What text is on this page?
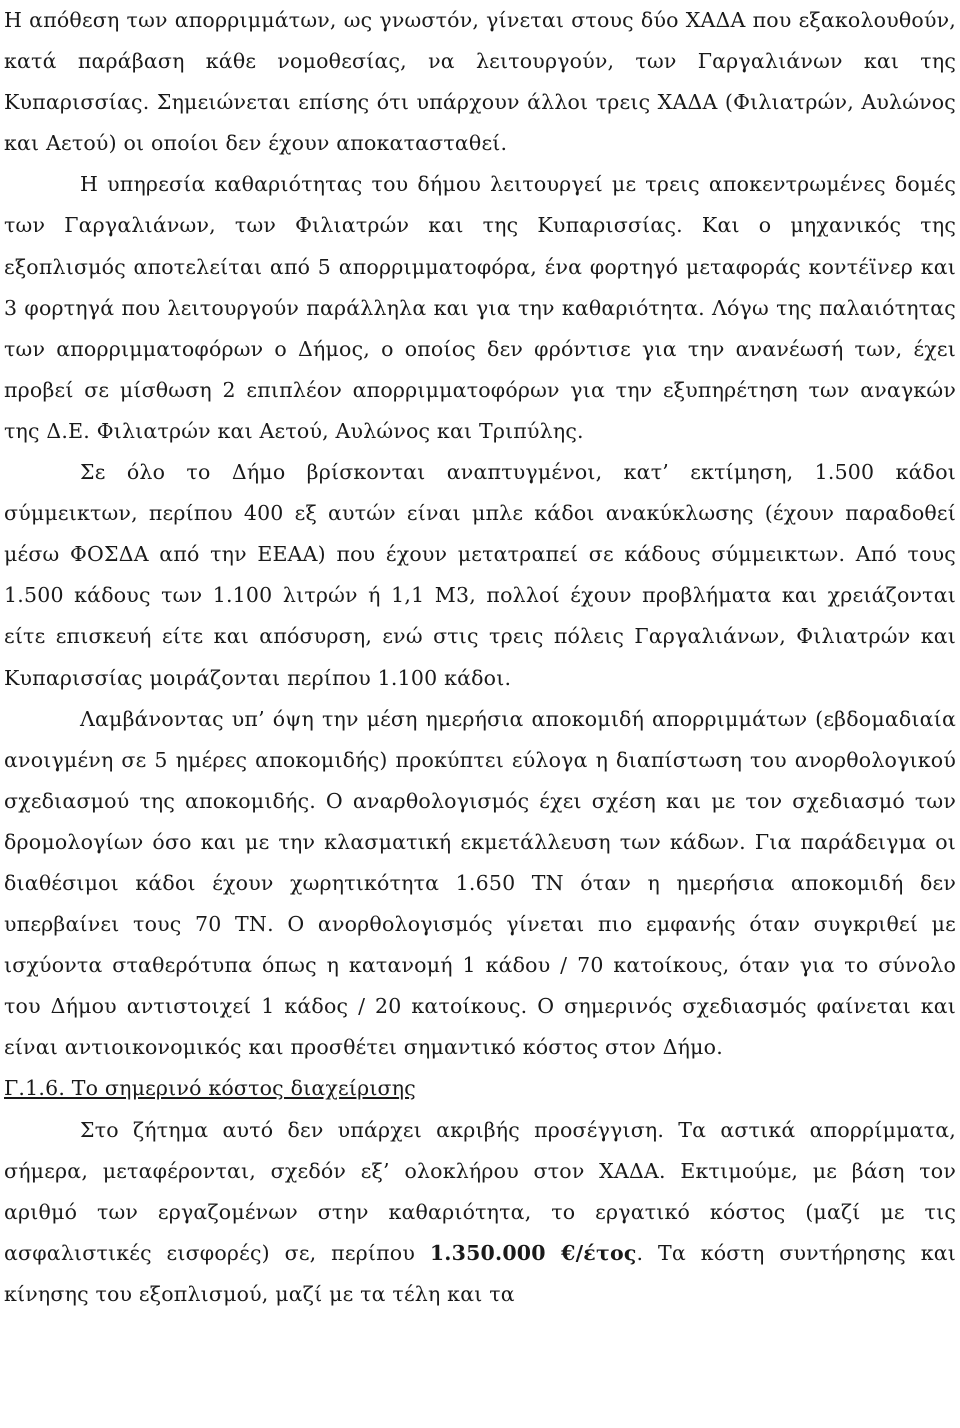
Η απόθεση των απορριμμάτων, ως γνωστόν, γίνεται στους δύο ΧΑΔΑ που εξακολουθούν, κατά παράβαση κάθε νομοθεσίας, να λειτουργούν, των Γαργαλιάνων και της Κυπαρισσίας. Σημειώνεται επίσης ότι υπάρχουν άλλοι τρεις ΧΑΔΑ (Φιλιατρών, Αυλώνος και Αετού) οι οποίοι δεν έχουν αποκατασταθεί.

Η υπηρεσία καθαριότητας του δήμου λειτουργεί με τρεις αποκεντρωμένες δομές των Γαργαλιάνων, των Φιλιατρών και της Κυπαρισσίας. Και ο μηχανικός της εξοπλισμός αποτελείται από 5 απορριμματοφόρα, ένα φορτηγό μεταφοράς κοντέϊνερ και 3 φορτηγά που λειτουργούν παράλληλα και για την καθαριότητα. Λόγω της παλαιότητας των απορριμματοφόρων ο Δήμος, ο οποίος δεν φρόντισε για την ανανέωσή των, έχει προβεί σε μίσθωση 2 επιπλέον απορριμματοφόρων για την εξυπηρέτηση των αναγκών της Δ.Ε. Φιλιατρών και Αετού, Αυλώνος και Τριπύλης.

Σε όλο το Δήμο βρίσκονται αναπτυγμένοι, κατ’ εκτίμηση, 1.500 κάδοι σύμμεικτων, περίπου 400 εξ αυτών είναι μπλε κάδοι ανακύκλωσης (έχουν παραδοθεί μέσω ΦΟΣΔΑ από την ΕΕΑΑ) που έχουν μετατραπεί σε κάδους σύμμεικτων. Από τους 1.500 κάδους των 1.100 λιτρών ή 1,1 Μ3, πολλοί έχουν προβλήματα και χρειάζονται είτε επισκευή είτε και απόσυρση, ενώ στις τρεις πόλεις Γαργαλιάνων, Φιλιατρών και Κυπαρισσίας μοιράζονται περίπου 1.100 κάδοι.

Λαμβάνοντας υπ’ όψη την μέση ημερήσια αποκομιδή απορριμμάτων (εβδομαδιαία ανοιγμένη σε 5 ημέρες αποκομιδής) προκύπτει εύλογα η διαπίστωση του ανορθολογικού σχεδιασμού της αποκομιδής. Ο αναρθολογισμός έχει σχέση και με τον σχεδιασμό των δρομολογίων όσο και με την κλασματική εκμετάλλευση των κάδων. Για παράδειγμα οι διαθέσιμοι κάδοι έχουν χωρητικότητα 1.650 ΤΝ όταν η ημερήσια αποκομιδή δεν υπερβαίνει τους 70 ΤΝ. Ο ανορθολογισμός γίνεται πιο εμφανής όταν συγκριθεί με ισχύοντα σταθερότυπα όπως η κατανομή 1 κάδου / 70 κατοίκους, όταν για το σύνολο του Δήμου αντιστοιχεί 1 κάδος / 20 κατοίκους. Ο σημερινός σχεδιασμός φαίνεται και είναι αντιοικονομικός και προσθέτει σημαντικό κόστος στον Δήμο.

Γ.1.6. Το σημερινό κόστος διαχείρισης

Στο ζήτημα αυτό δεν υπάρχει ακριβής προσέγγιση. Τα αστικά απορρίμματα, σήμερα, μεταφέρονται, σχεδόν εξ’ ολοκλήρου στον ΧΑΔΑ. Εκτιμούμε, με βάση τον αριθμό των εργαζομένων στην καθαριότητα, το εργατικό κόστος (μαζί με τις ασφαλιστικές εισφορές) σε, περίπου 1.350.000 €/έτος. Τα κόστη συντήρησης και κίνησης του εξοπλισμού, μαζί με τα τέλη και τα
